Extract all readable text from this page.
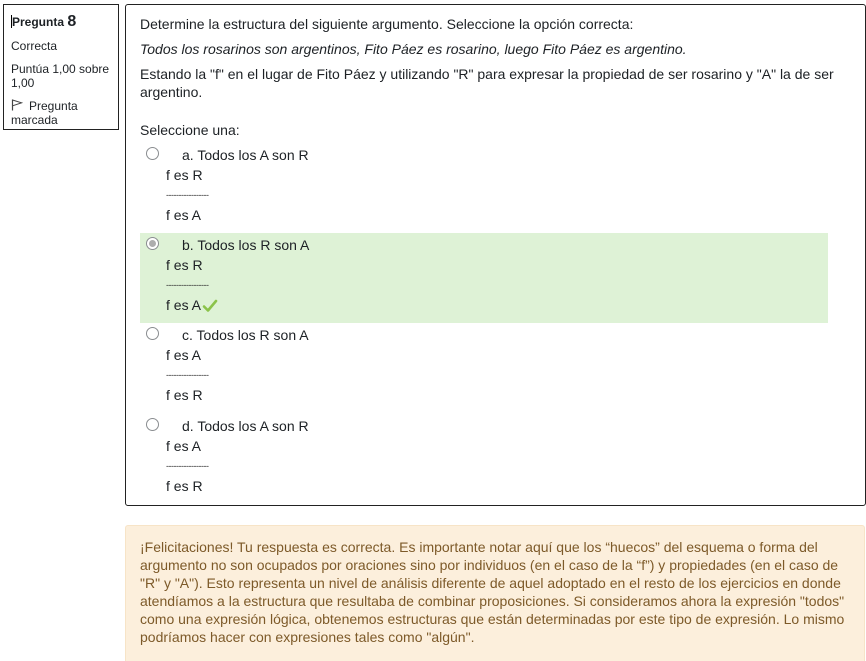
Pregunta 8
Correcta
Puntúa 1,00 sobre 1,00
Pregunta marcada

Determine la estructura del siguiente argumento. Seleccione la opción correcta:

Todos los rosarinos son argentinos, Fito Páez es rosarino, luego Fito Páez es argentino.

Estando la "f" en el lugar de Fito Páez y utilizando "R" para expresar la propiedad de ser rosarino y "A" la de ser argentino.

Seleccione una:
a. Todos los A son R
f es R
-----------------
f es A
b. Todos los R son A
f es R
-----------------
f es A
c. Todos los R son A
f es A
-----------------
f es R
d. Todos los A son R
f es A
-----------------
f es R
¡Felicitaciones! Tu respuesta es correcta. Es importante notar aquí que los “huecos” del esquema o forma del argumento no son ocupados por oraciones sino por individuos (en el caso de la “f”) y propiedades (en el caso de "R" y "A"). Esto representa un nivel de análisis diferente de aquel adoptado en el resto de los ejercicios en donde atendíamos a la estructura que resultaba de combinar proposiciones. Si consideramos ahora la expresión "todos" como una expresión lógica, obtenemos estructuras que están determinadas por este tipo de expresión. Lo mismo podríamos hacer con expresiones tales como "algún".
